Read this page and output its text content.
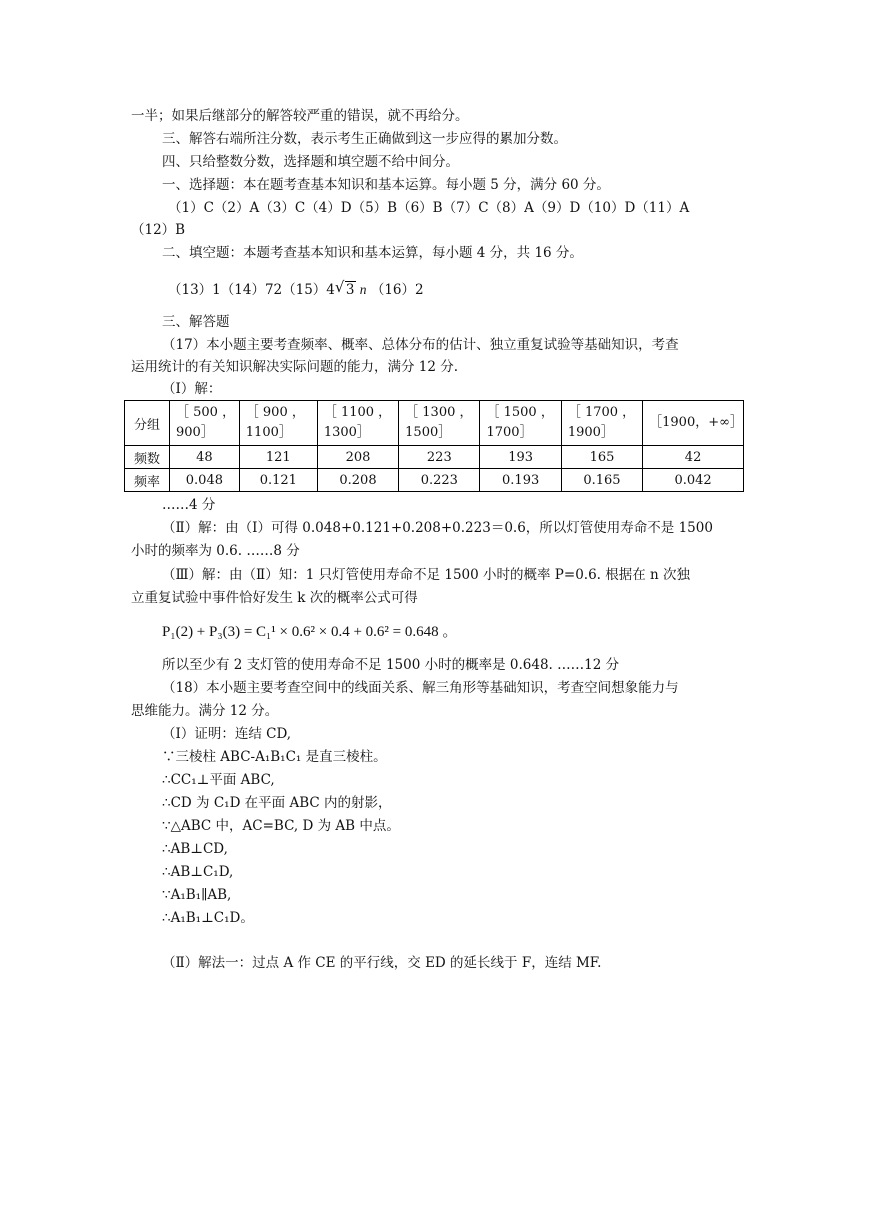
一半；如果后继部分的解答较严重的错误，就不再给分。
三、解答右端所注分数，表示考生正确做到这一步应得的累加分数。
四、只给整数分数，选择题和填空题不给中间分。
一、选择题：本在题考查基本知识和基本运算。每小题 5 分，满分 60 分。
（1）C（2）A（3）C（4）D（5）B（6）B（7）C（8）A（9）D（10）D（11）A
（12）B
二、填空题：本题考查基本知识和基本运算，每小题 4 分，共 16 分。
（13）1（14）72（15）4 √ 3 n （16）2
三、解答题
（17）本小题主要考查频率、概率、总体分布的估计、独立重复试验等基础知识，考查
运用统计的有关知识解决实际问题的能力，满分 12 分.
（Ⅰ）解：
分组	［ 500 ， 900］	［ 900 ， 1100］	［ 1100 ， 1300］	［ 1300 ， 1500］	［ 1500 ， 1700］	［ 1700 ， 1900］	［1900，+∞］
频数	48	121	208	223	193	165	42
频率	0.048	0.121	0.208	0.223	0.193	0.165	0.042
……4 分
（Ⅱ）解：由（Ⅰ）可得 0.048+0.121+0.208+0.223＝0.6，所以灯管使用寿命不是 1500
小时的频率为 0.6. ……8 分
（Ⅲ）解：由（Ⅱ）知：1 只灯管使用寿命不足 1500 小时的概率 P=0.6. 根据在 n 次独
立重复试验中事件恰好发生 k 次的概率公式可得
P₁(2) + P₃(3) = C₁¹ × 0.6² × 0.4 + 0.6² = 0.648 。
所以至少有 2 支灯管的使用寿命不足 1500 小时的概率是 0.648. ……12 分
（18）本小题主要考查空间中的线面关系、解三角形等基础知识，考查空间想象能力与
思维能力。满分 12 分。
（Ⅰ）证明：连结 CD,
∵三棱柱 ABC-A₁B₁C₁ 是直三棱柱。
∴CC₁⊥平面 ABC,
∴CD 为 C₁D 在平面 ABC 内的射影，
∵△ABC 中，AC=BC, D 为 AB 中点。
∴AB⊥CD,
∴AB⊥C₁D,
∵A₁B₁∥AB,
∴A₁B₁⊥C₁D。
（Ⅱ）解法一：过点 A 作 CE 的平行线，交 ED 的延长线于 F，连结 MF.
